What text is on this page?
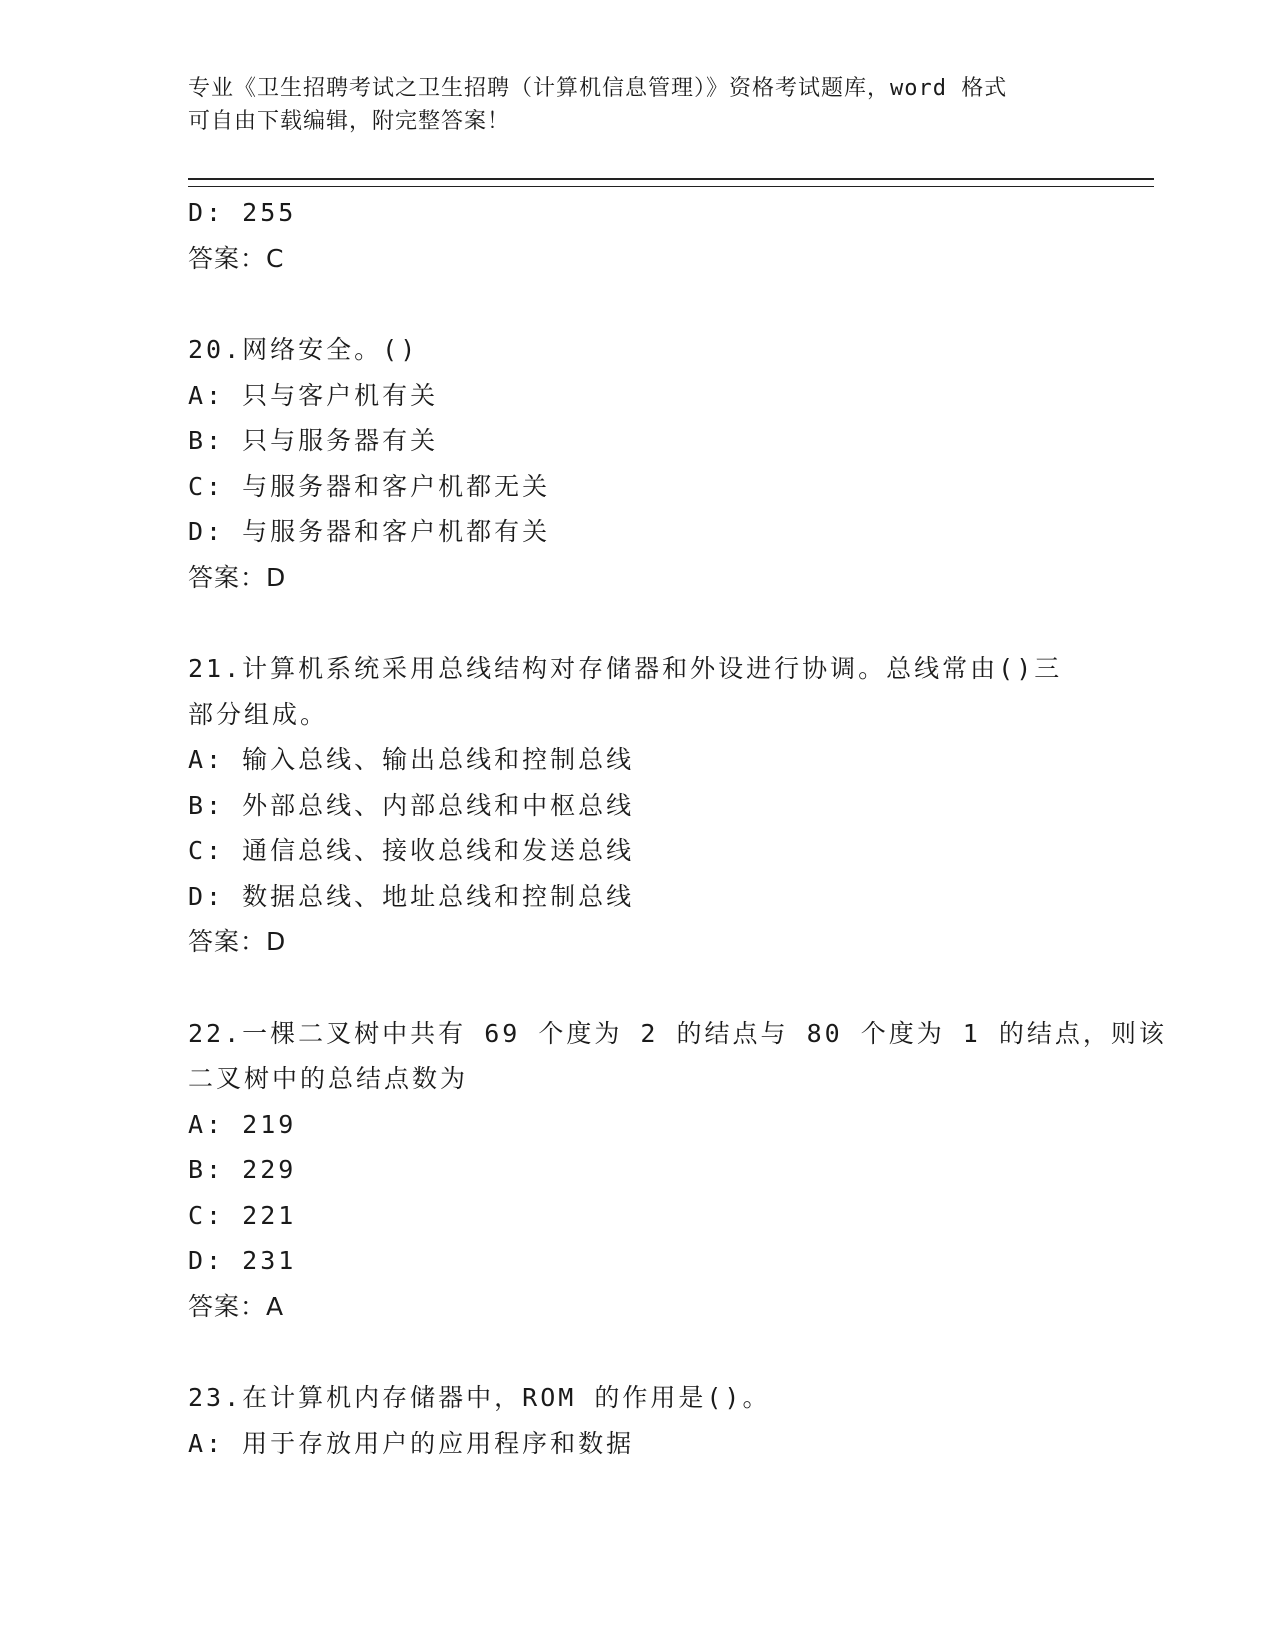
专业《卫生招聘考试之卫生招聘（计算机信息管理）》资格考试题库，word 格式
可自由下载编辑，附完整答案！
D: 255
答案：C
20.网络安全。()
A: 只与客户机有关
B: 只与服务器有关
C: 与服务器和客户机都无关
D: 与服务器和客户机都有关
答案：D
21.计算机系统采用总线结构对存储器和外设进行协调。总线常由()三
部分组成。
A: 输入总线、输出总线和控制总线
B: 外部总线、内部总线和中枢总线
C: 通信总线、接收总线和发送总线
D: 数据总线、地址总线和控制总线
答案：D
22.一棵二叉树中共有 69 个度为 2 的结点与 80 个度为 1 的结点，则该
二叉树中的总结点数为
A: 219
B: 229
C: 221
D: 231
答案：A
23.在计算机内存储器中，ROM 的作用是()。
A: 用于存放用户的应用程序和数据
